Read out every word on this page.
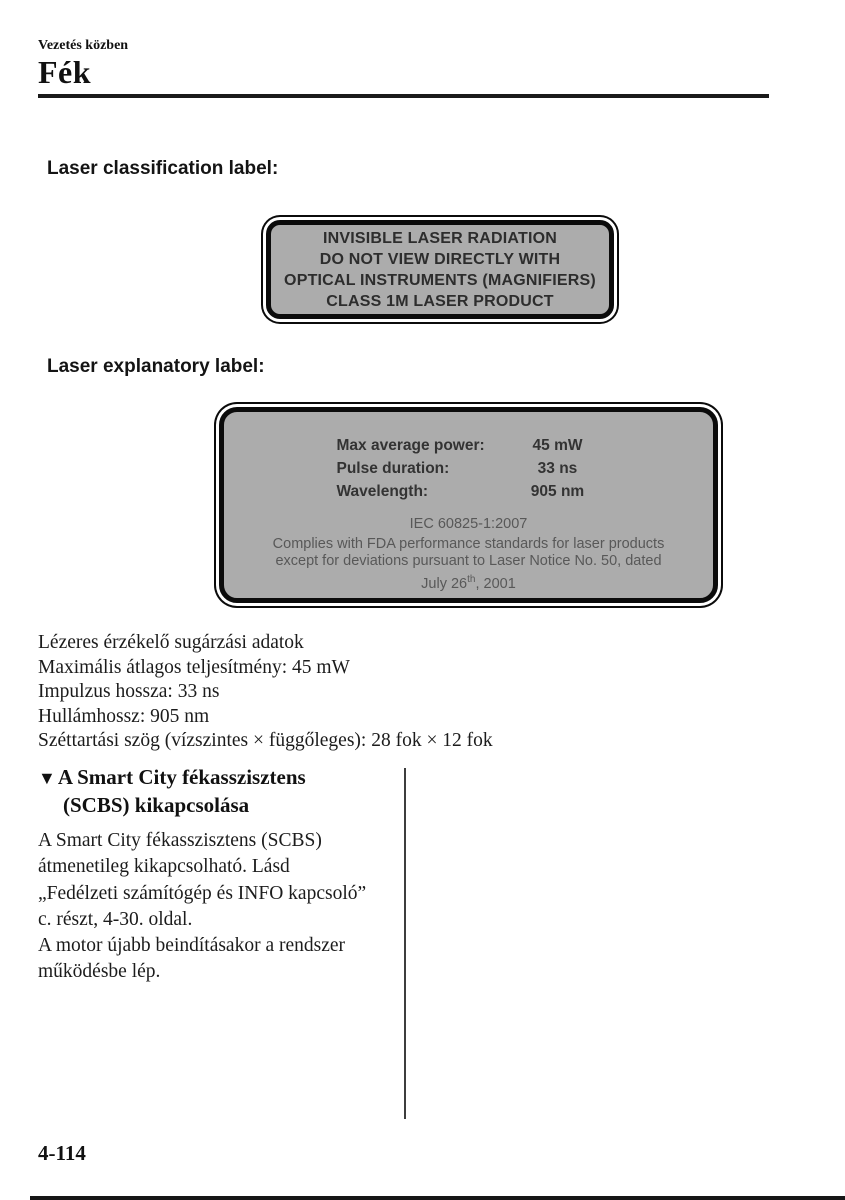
Vezetés közben
Fék
Laser classification label:
INVISIBLE LASER RADIATION
DO NOT VIEW DIRECTLY WITH
OPTICAL INSTRUMENTS (MAGNIFIERS)
CLASS 1M LASER PRODUCT
Laser explanatory label:
Max average power:	45 mW
Pulse duration:	33 ns
Wavelength:	905 nm
IEC 60825-1:2007
Complies with FDA performance standards for laser products
except for deviations pursuant to Laser Notice No. 50, dated
July 26th, 2001
Lézeres érzékelő sugárzási adatok
Maximális átlagos teljesítmény: 45 mW
Impulzus hossza: 33 ns
Hullámhossz: 905 nm
Széttartási szög (vízszintes × függőleges): 28 fok × 12 fok
▼A Smart City fékasszisztens
(SCBS) kikapcsolása
A Smart City fékasszisztens (SCBS)
átmenetileg kikapcsolható. Lásd
„Fedélzeti számítógép és INFO kapcsoló”
c. részt, 4-30. oldal.
A motor újabb beindításakor a rendszer
működésbe lép.
4-114
